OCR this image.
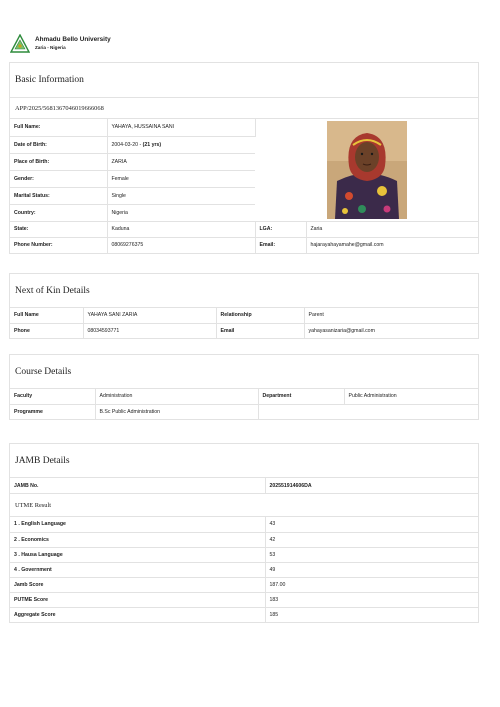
Ahmadu Bello University
Zaria - Nigeria
Basic Information
APP/2025/5681367046019666068
Full Name:	YAHAYA, HUSSAINA SANI	

Date of Birth:	2004-03-20 - (21 yrs)		
Place of Birth:	ZARIA		
Gender:	Female		
Marital Status:	Single		
Country:	Nigeria		
State:	Kaduna	LGA:	Zaria
Phone Number:	08069276375	Email:	hajarayahayamahe@gmail.com
Next of Kin Details
Full Name	YAHAYA SANI ZARIA	Relationship	Parent
Phone	08034593771	Email	yahayasanizaria@gmail.com
Course Details
Faculty	Administration	Department	Public Administration
Programme	B.Sc Public Administration		
JAMB Details
JAMB No.	202551914606DA
UTME Result
1 . English Language	43
2 . Economics	42
3 . Hausa Language	53
4 . Government	49
Jamb Score	187.00
PUTME Score	183
Aggregate Score	185
